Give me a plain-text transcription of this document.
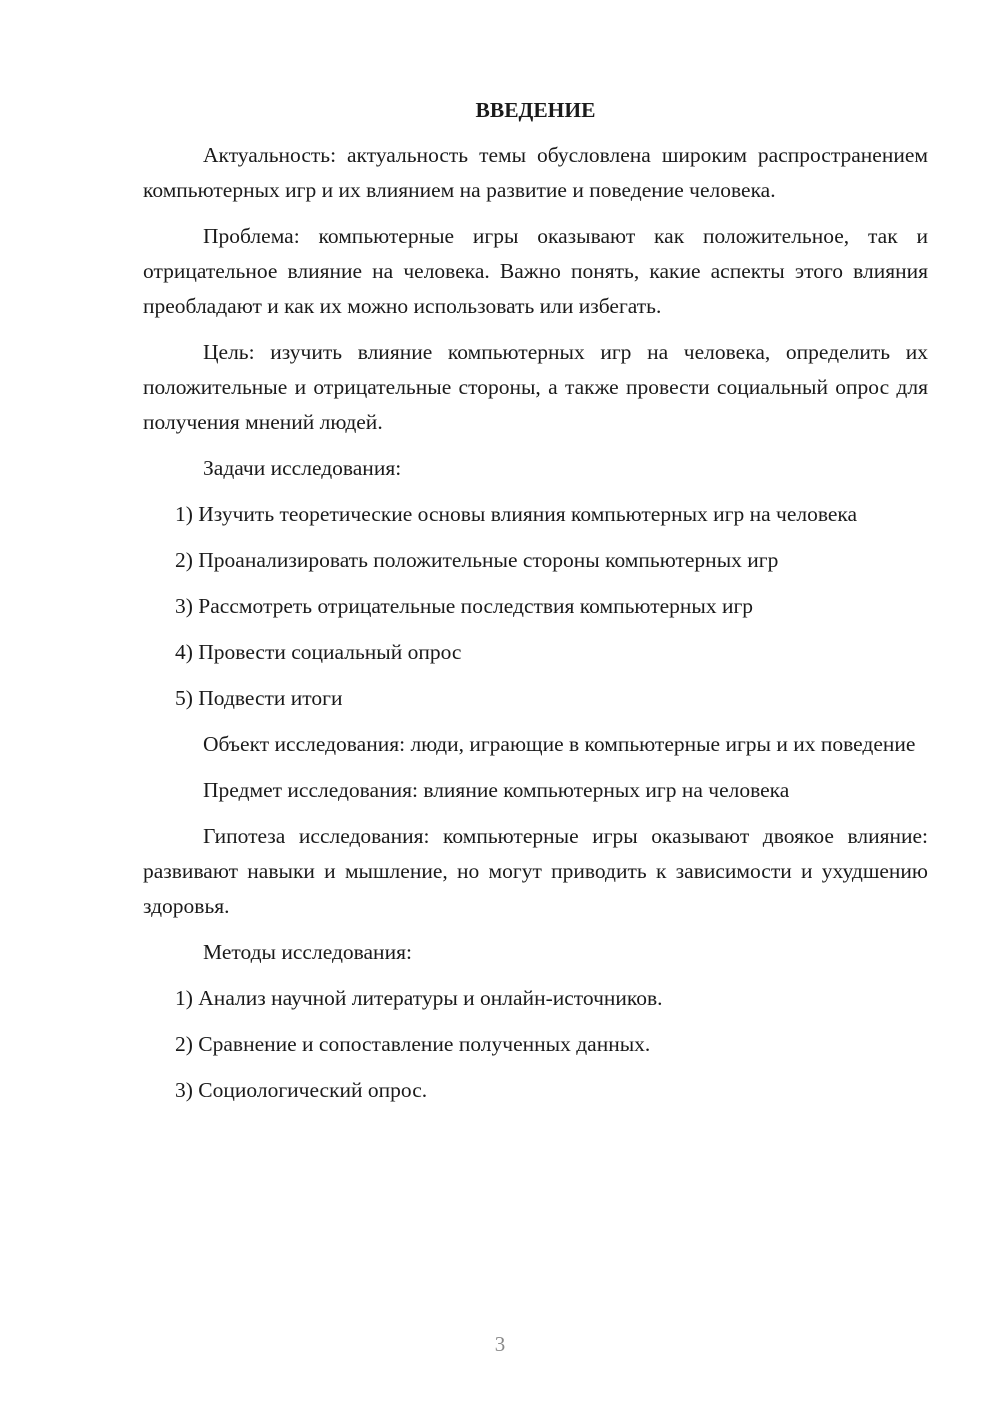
ВВЕДЕНИЕ
Актуальность: актуальность темы обусловлена широким распространением компьютерных игр и их влиянием на развитие и поведение человека.
Проблема: компьютерные игры оказывают как положительное, так и отрицательное влияние на человека. Важно понять, какие аспекты этого влияния преобладают и как их можно использовать или избегать.
Цель: изучить влияние компьютерных игр на человека, определить их положительные и отрицательные стороны, а также провести социальный опрос для получения мнений людей.
Задачи исследования:
1) Изучить теоретические основы влияния компьютерных игр на человека
2) Проанализировать положительные стороны компьютерных игр
3) Рассмотреть отрицательные последствия компьютерных игр
4) Провести социальный опрос
5) Подвести итоги
Объект исследования: люди, играющие в компьютерные игры и их поведение
Предмет исследования: влияние компьютерных игр на человека
Гипотеза исследования: компьютерные игры оказывают двоякое влияние: развивают навыки и мышление, но могут приводить к зависимости и ухудшению здоровья.
Методы исследования:
1) Анализ научной литературы и онлайн-источников.
2) Сравнение и сопоставление полученных данных.
3) Социологический опрос.
3
